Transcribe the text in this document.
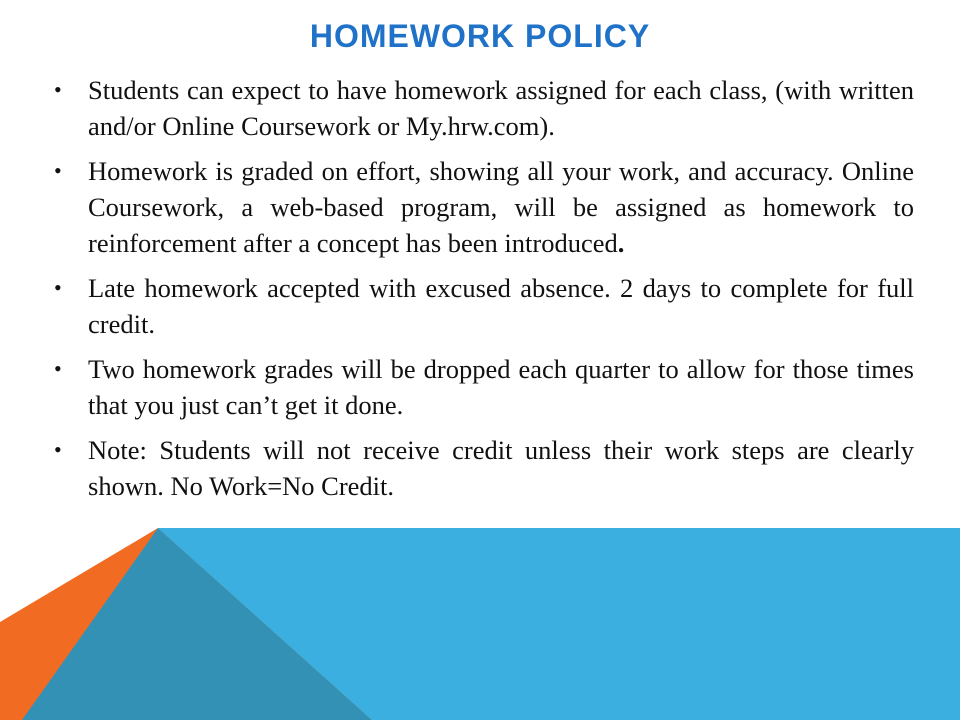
HOMEWORK POLICY
• Students can expect to have homework assigned for each class, (with written and/or Online Coursework or My.hrw.com).
• Homework is graded on effort, showing all your work, and accuracy. Online Coursework, a web-based program, will be assigned as homework to reinforcement after a concept has been introduced.
• Late homework accepted with excused absence. 2 days to complete for full credit.
• Two homework grades will be dropped each quarter to allow for those times that you just can’t get it done.
• Note: Students will not receive credit unless their work steps are clearly shown. No Work=No Credit.
